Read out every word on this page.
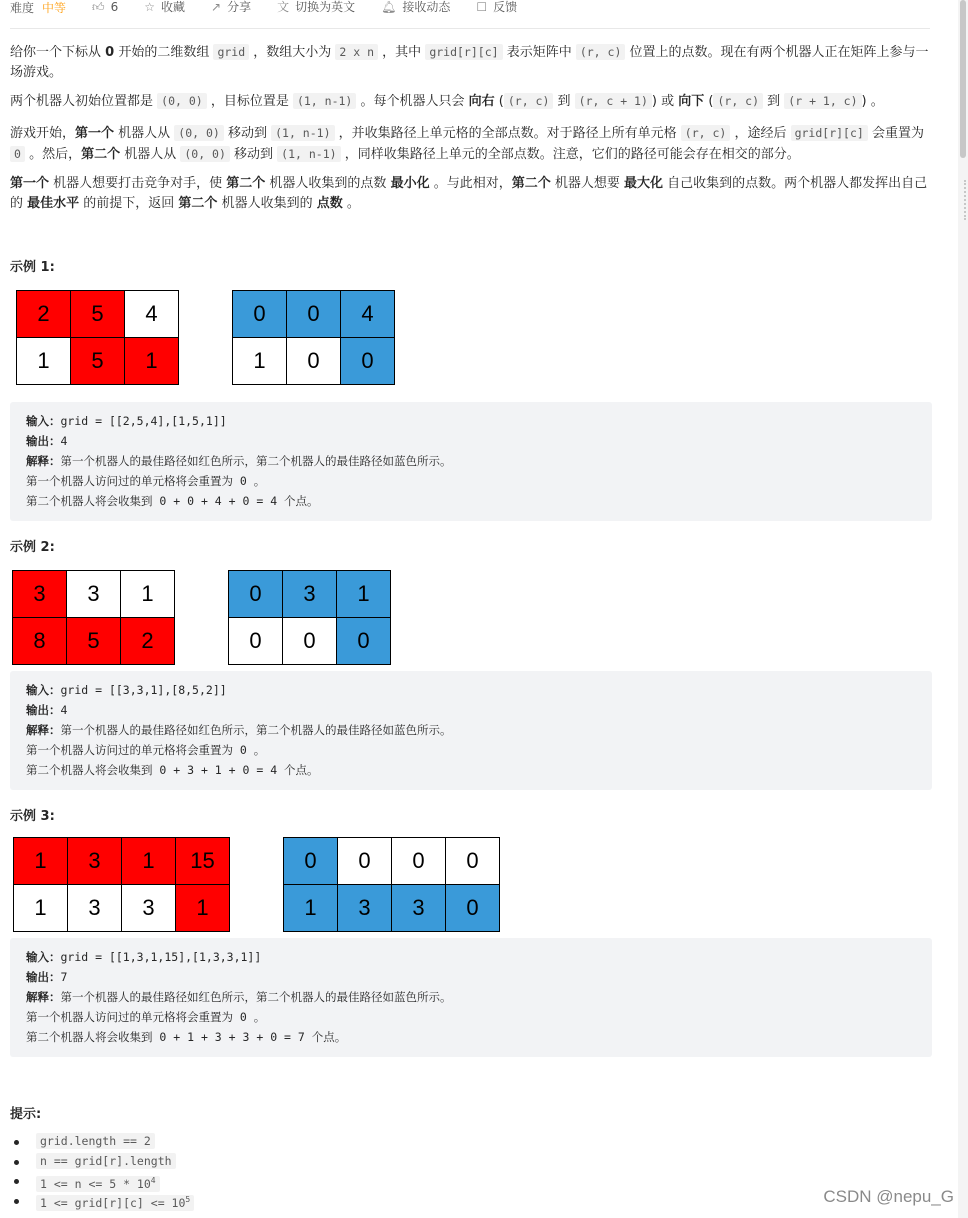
难度 中等 👍︎ 6 ☆ 收藏 ↗ 分享 文 切换为英文 🔔︎ 接收动态 ☐ 反馈

给你一个下标从 0 开始的二维数组 grid ，数组大小为 2 x n ，其中 grid[r][c] 表示矩阵中 (r, c) 位置上的点数。现在有两个机器人正在矩阵上参与一场游戏。

两个机器人初始位置都是 (0, 0) ，目标位置是 (1, n-1) 。每个机器人只会 向右 ( (r, c) 到 (r, c + 1) ) 或 向下 ( (r, c) 到 (r + 1, c) ) 。

游戏开始，第一个 机器人从 (0, 0) 移动到 (1, n-1) ，并收集路径上单元格的全部点数。对于路径上所有单元格 (r, c) ，途经后 grid[r][c] 会重置为 0 。然后，第二个 机器人从 (0, 0) 移动到 (1, n-1) ，同样收集路径上单元的全部点数。注意，它们的路径可能会存在相交的部分。

第一个 机器人想要打击竞争对手，使 第二个 机器人收集到的点数 最小化 。与此相对，第二个 机器人想要 最大化 自己收集到的点数。两个机器人都发挥出自己的 最佳水平 的前提下，返回 第二个 机器人收集到的 点数 。

示例 1:
2	5	4
1	5	1
0	0	4
1	0	0
输入：grid = [[2,5,4],[1,5,1]]
输出：4
解释：第一个机器人的最佳路径如红色所示，第二个机器人的最佳路径如蓝色所示。
第一个机器人访问过的单元格将会重置为 0 。
第二个机器人将会收集到 0 + 0 + 4 + 0 = 4 个点。
示例 2:
3	3	1
8	5	2
0	3	1
0	0	0
输入：grid = [[3,3,1],[8,5,2]]
输出：4
解释：第一个机器人的最佳路径如红色所示，第二个机器人的最佳路径如蓝色所示。
第一个机器人访问过的单元格将会重置为 0 。
第二个机器人将会收集到 0 + 3 + 1 + 0 = 4 个点。
示例 3:
1	3	1	15
1	3	3	1
0	0	0	0
1	3	3	0
输入：grid = [[1,3,1,15],[1,3,3,1]]
输出：7
解释：第一个机器人的最佳路径如红色所示，第二个机器人的最佳路径如蓝色所示。
第一个机器人访问过的单元格将会重置为 0 。
第二个机器人将会收集到 0 + 1 + 3 + 3 + 0 = 7 个点。
提示:
grid.length == 2
n == grid[r].length
$1 <= n <= 5 * 10^4$
1 <= grid[r][c] <= $10^5$	CSDN @nepu_G
